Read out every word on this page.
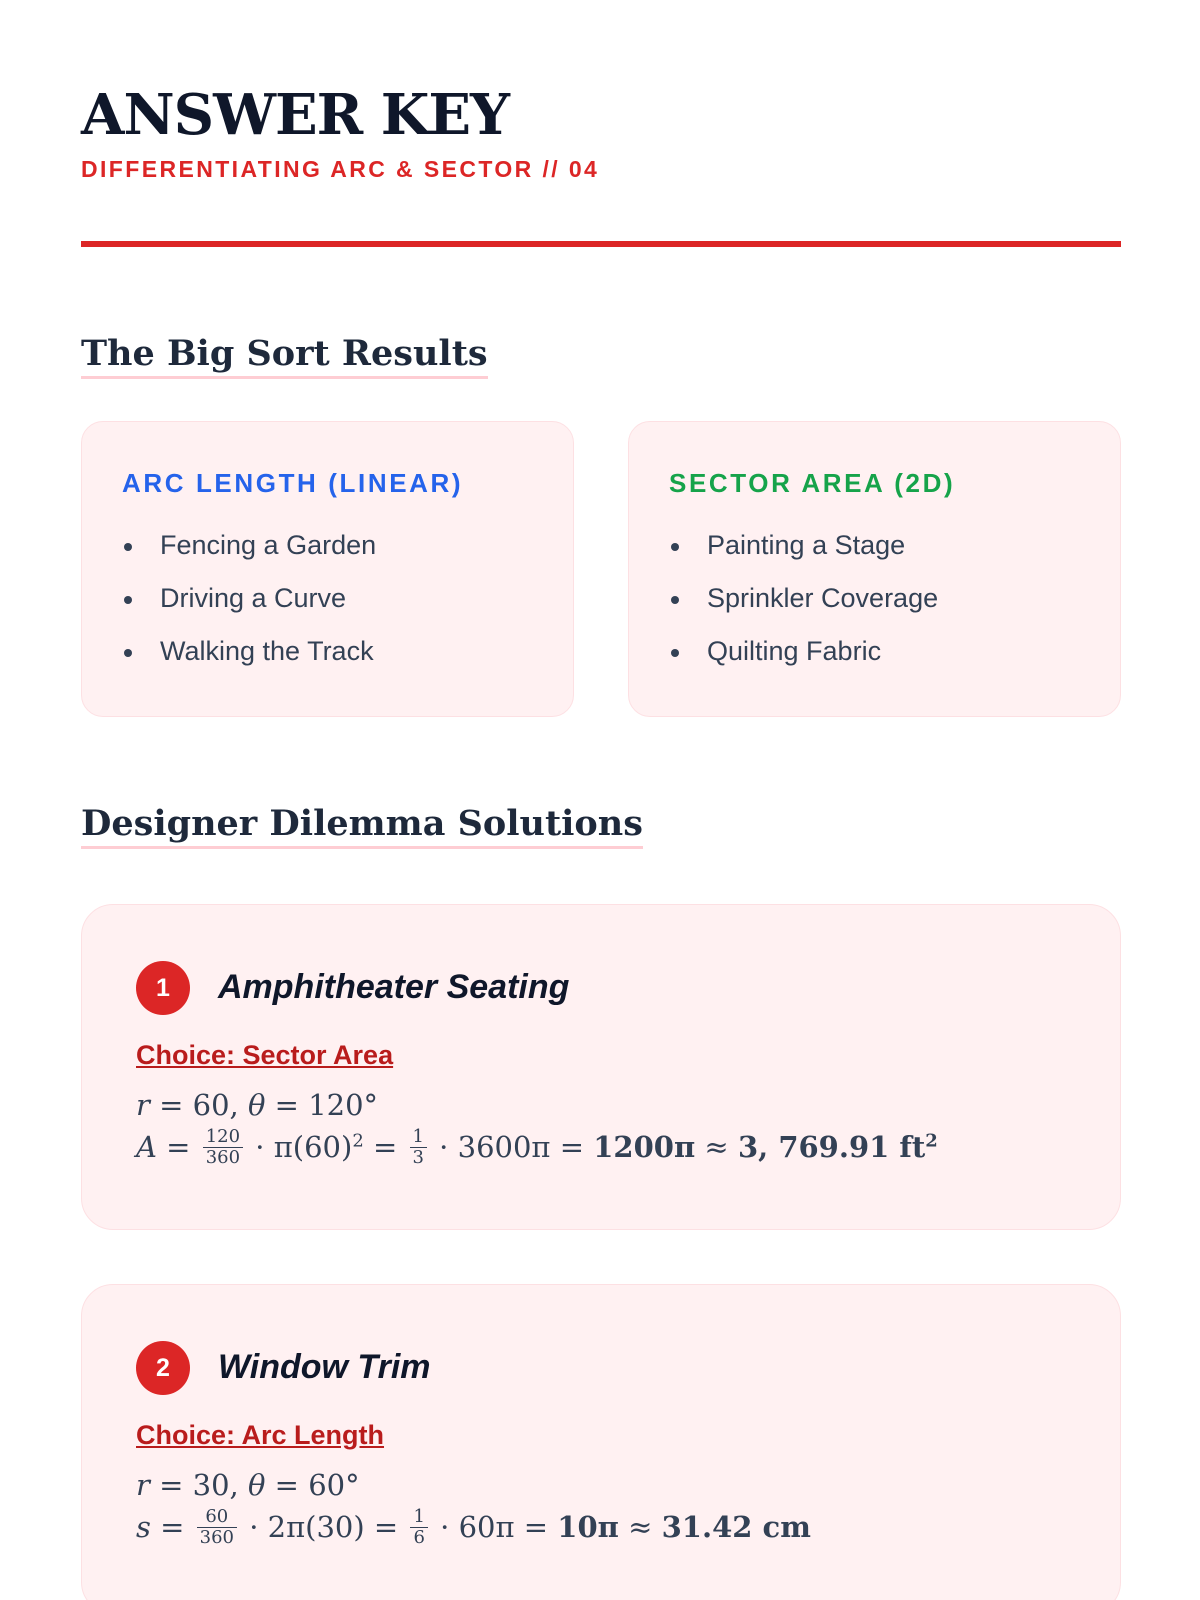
ANSWER KEY
DIFFERENTIATING ARC & SECTOR // 04
The Big Sort Results
ARC LENGTH (LINEAR)
Fencing a Garden
Driving a Curve
Walking the Track
SECTOR AREA (2D)
Painting a Stage
Sprinkler Coverage
Quilting Fabric
Designer Dilemma Solutions
1	Amphitheater Seating
Choice: Sector Area
r = 60, θ = 120°
$A = \frac{120}{360} \cdot \pi(60)^2 = \frac{1}{3} \cdot 3600\pi = 1200\pi \approx 3$, 769.91 $ft^2$
2	Window Trim
Choice: Arc Length
r = 30, θ = 60°
$s = \frac{60}{360} \cdot 2\pi(30) = \frac{1}{6} \cdot 60\pi = 10\pi \approx 31.42$ cm
